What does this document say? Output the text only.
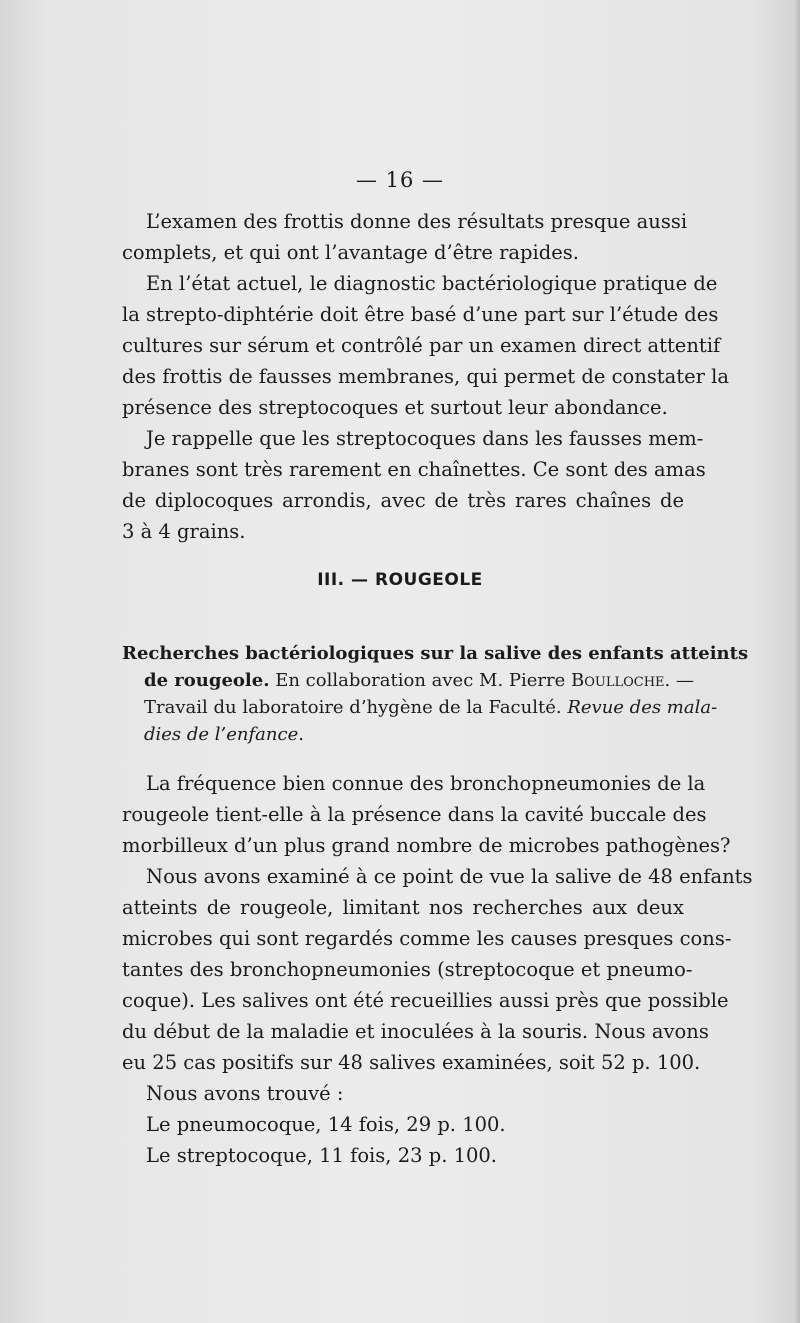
— 16 —
L’examen des frottis donne des résultats presque aussi
complets, et qui ont l’avantage d’être rapides.
En l’état actuel, le diagnostic bactériologique pratique de
la strepto-diphtérie doit être basé d’une part sur l’étude des
cultures sur sérum et contrôlé par un examen direct attentif
des frottis de fausses membranes, qui permet de constater la
présence des streptocoques et surtout leur abondance.
Je rappelle que les streptocoques dans les fausses mem-
branes sont très rarement en chaînettes. Ce sont des amas
de diplocoques arrondis, avec de très rares chaînes de
3 à 4 grains.
III. — ROUGEOLE
Recherches bactériologiques sur la salive des enfants atteints
de rougeole. En collaboration avec M. Pierre Boulloche. —
Travail du laboratoire d’hygène de la Faculté. Revue des mala-
dies de l’enfance.
La fréquence bien connue des bronchopneumonies de la
rougeole tient-elle à la présence dans la cavité buccale des
morbilleux d’un plus grand nombre de microbes pathogènes?
Nous avons examiné à ce point de vue la salive de 48 enfants
atteints de rougeole, limitant nos recherches aux deux
microbes qui sont regardés comme les causes presques cons-
tantes des bronchopneumonies (streptocoque et pneumo-
coque). Les salives ont été recueillies aussi près que possible
du début de la maladie et inoculées à la souris. Nous avons
eu 25 cas positifs sur 48 salives examinées, soit 52 p. 100.
Nous avons trouvé :
Le pneumocoque, 14 fois, 29 p. 100.
Le streptocoque, 11 fois, 23 p. 100.
